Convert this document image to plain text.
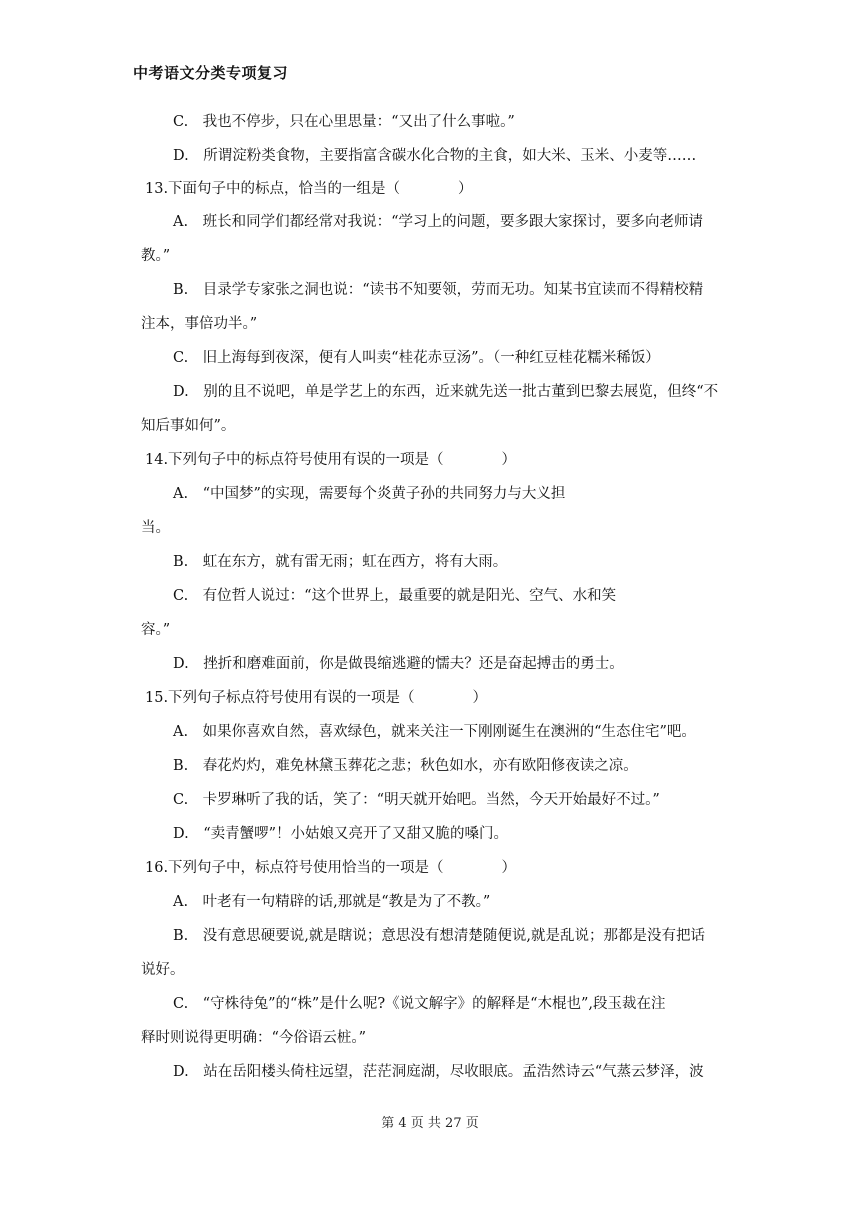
中考语文分类专项复习
C.　我也不停步，只在心里思量：“又出了什么事啦。”
D.　所谓淀粉类食物，主要指富含碳水化合物的主食，如大米、玉米、小麦等……
13.下面句子中的标点，恰当的一组是（　　　　）
A.　班长和同学们都经常对我说：“学习上的问题，要多跟大家探讨，要多向老师请
教。”
B.　目录学专家张之洞也说：“读书不知要领，劳而无功。知某书宜读而不得精校精
注本，事倍功半。”
C.　旧上海每到夜深，便有人叫卖“桂花赤豆汤”。（一种红豆桂花糯米稀饭）
D.　别的且不说吧，单是学艺上的东西，近来就先送一批古董到巴黎去展览，但终“不
知后事如何”。
14.下列句子中的标点符号使用有误的一项是（　　　　）
A.　“中国梦”的实现，需要每个炎黄子孙的共同努力与大义担
当。
B.　虹在东方，就有雷无雨；虹在西方，将有大雨。
C.　有位哲人说过：“这个世界上，最重要的就是阳光、空气、水和笑
容。”
D.　挫折和磨难面前，你是做畏缩逃避的懦夫？还是奋起搏击的勇士。
15.下列句子标点符号使用有误的一项是（　　　　）
A.　如果你喜欢自然，喜欢绿色，就来关注一下刚刚诞生在澳洲的“生态住宅”吧。
B.　春花灼灼，难免林黛玉葬花之悲；秋色如水，亦有欧阳修夜读之凉。
C.　卡罗琳听了我的话，笑了：“明天就开始吧。当然，今天开始最好不过。”
D.　“卖青蟹啰”！小姑娘又亮开了又甜又脆的嗓门。
16.下列句子中，标点符号使用恰当的一项是（　　　　）
A.　叶老有一句精辟的话,那就是“教是为了不教。”
B.　没有意思硬要说,就是瞎说；意思没有想清楚随便说,就是乱说；那都是没有把话
说好。
C.　“守株待兔”的“株”是什么呢?《说文解字》的解释是“木棍也”,段玉裁在注
释时则说得更明确：“今俗语云桩。”
D.　站在岳阳楼头倚柱远望，茫茫洞庭湖，尽收眼底。孟浩然诗云“气蒸云梦泽，波
第 4 页 共 27 页
